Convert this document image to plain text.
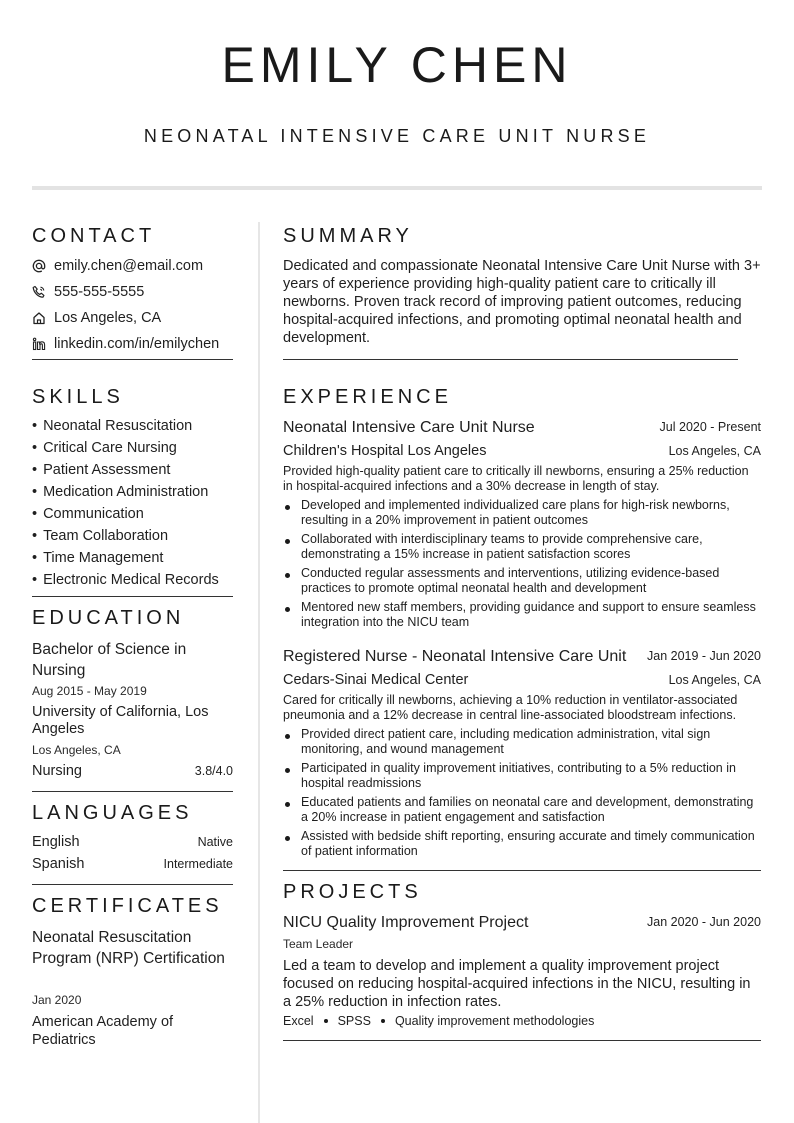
EMILY CHEN
NEONATAL INTENSIVE CARE UNIT NURSE
CONTACT
emily.chen@email.com
555-555-5555
Los Angeles, CA
linkedin.com/in/emilychen
SKILLS
• Neonatal Resuscitation
• Critical Care Nursing
• Patient Assessment
• Medication Administration
• Communication
• Team Collaboration
• Time Management
• Electronic Medical Records
EDUCATION
Bachelor of Science in Nursing
Aug 2015 - May 2019
University of California, Los Angeles
Los Angeles, CA
Nursing	3.8/4.0
LANGUAGES
English	Native
Spanish	Intermediate
CERTIFICATES
Neonatal Resuscitation Program (NRP) Certification
Jan 2020
American Academy of Pediatrics
SUMMARY
Dedicated and compassionate Neonatal Intensive Care Unit Nurse with 3+ years of experience providing high-quality patient care to critically ill newborns. Proven track record of improving patient outcomes, reducing hospital-acquired infections, and promoting optimal neonatal health and development.
EXPERIENCE
Neonatal Intensive Care Unit Nurse	Jul 2020 - Present
Children's Hospital Los Angeles	Los Angeles, CA
Provided high-quality patient care to critically ill newborns, ensuring a 25% reduction in hospital-acquired infections and a 30% decrease in length of stay.
Developed and implemented individualized care plans for high-risk newborns, resulting in a 20% improvement in patient outcomes
Collaborated with interdisciplinary teams to provide comprehensive care, demonstrating a 15% increase in patient satisfaction scores
Conducted regular assessments and interventions, utilizing evidence-based practices to promote optimal neonatal health and development
Mentored new staff members, providing guidance and support to ensure seamless integration into the NICU team
Registered Nurse - Neonatal Intensive Care Unit Jan 2019 - Jun 2020
Cedars-Sinai Medical Center	Los Angeles, CA
Cared for critically ill newborns, achieving a 10% reduction in ventilator-associated pneumonia and a 12% decrease in central line-associated bloodstream infections.
Provided direct patient care, including medication administration, vital sign monitoring, and wound management
Participated in quality improvement initiatives, contributing to a 5% reduction in hospital readmissions
Educated patients and families on neonatal care and development, demonstrating a 20% increase in patient engagement and satisfaction
Assisted with bedside shift reporting, ensuring accurate and timely communication of patient information
PROJECTS
NICU Quality Improvement Project	Jan 2020 - Jun 2020
Team Leader
Led a team to develop and implement a quality improvement project focused on reducing hospital-acquired infections in the NICU, resulting in a 25% reduction in infection rates.
Excel SPSS Quality improvement methodologies
